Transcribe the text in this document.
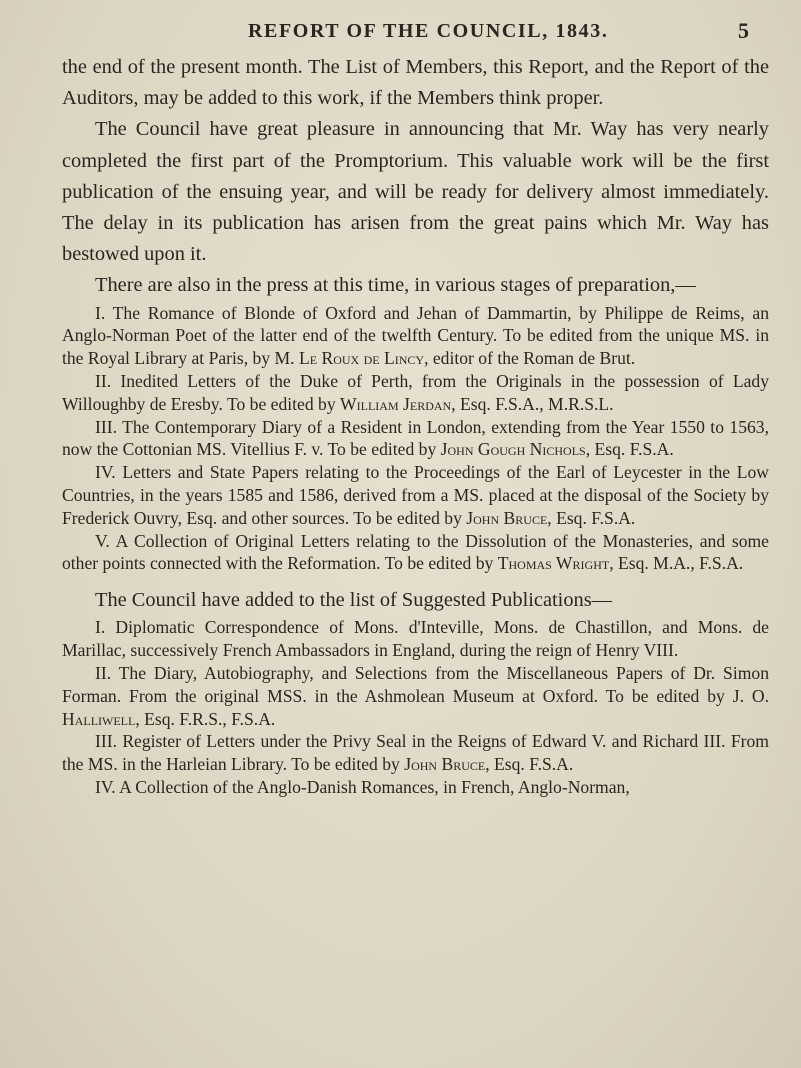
REFORT OF THE COUNCIL, 1843.	5

the end of the present month. The List of Members, this Report, and the Report of the Auditors, may be added to this work, if the Members think proper.

The Council have great pleasure in announcing that Mr. Way has very nearly completed the first part of the Promptorium. This valuable work will be the first publication of the ensuing year, and will be ready for delivery almost immediately. The delay in its publication has arisen from the great pains which Mr. Way has bestowed upon it.

There are also in the press at this time, in various stages of preparation,—

I. The Romance of Blonde of Oxford and Jehan of Dammartin, by Philippe de Reims, an Anglo-Norman Poet of the latter end of the twelfth Century. To be edited from the unique MS. in the Royal Library at Paris, by M. Le Roux de Lincy, editor of the Roman de Brut.

II. Inedited Letters of the Duke of Perth, from the Originals in the possession of Lady Willoughby de Eresby. To be edited by William Jerdan, Esq. F.S.A., M.R.S.L.

III. The Contemporary Diary of a Resident in London, extending from the Year 1550 to 1563, now the Cottonian MS. Vitellius F. v. To be edited by John Gough Nichols, Esq. F.S.A.

IV. Letters and State Papers relating to the Proceedings of the Earl of Leycester in the Low Countries, in the years 1585 and 1586, derived from a MS. placed at the disposal of the Society by Frederick Ouvry, Esq. and other sources. To be edited by John Bruce, Esq. F.S.A.

V. A Collection of Original Letters relating to the Dissolution of the Monasteries, and some other points connected with the Reformation. To be edited by Thomas Wright, Esq. M.A., F.S.A.

The Council have added to the list of Suggested Publications—

I. Diplomatic Correspondence of Mons. d'Inteville, Mons. de Chastillon, and Mons. de Marillac, successively French Ambassadors in England, during the reign of Henry VIII.

II. The Diary, Autobiography, and Selections from the Miscellaneous Papers of Dr. Simon Forman. From the original MSS. in the Ashmolean Museum at Oxford. To be edited by J. O. Halliwell, Esq. F.R.S., F.S.A.

III. Register of Letters under the Privy Seal in the Reigns of Edward V. and Richard III. From the MS. in the Harleian Library. To be edited by John Bruce, Esq. F.S.A.

IV. A Collection of the Anglo-Danish Romances, in French, Anglo-Norman,
